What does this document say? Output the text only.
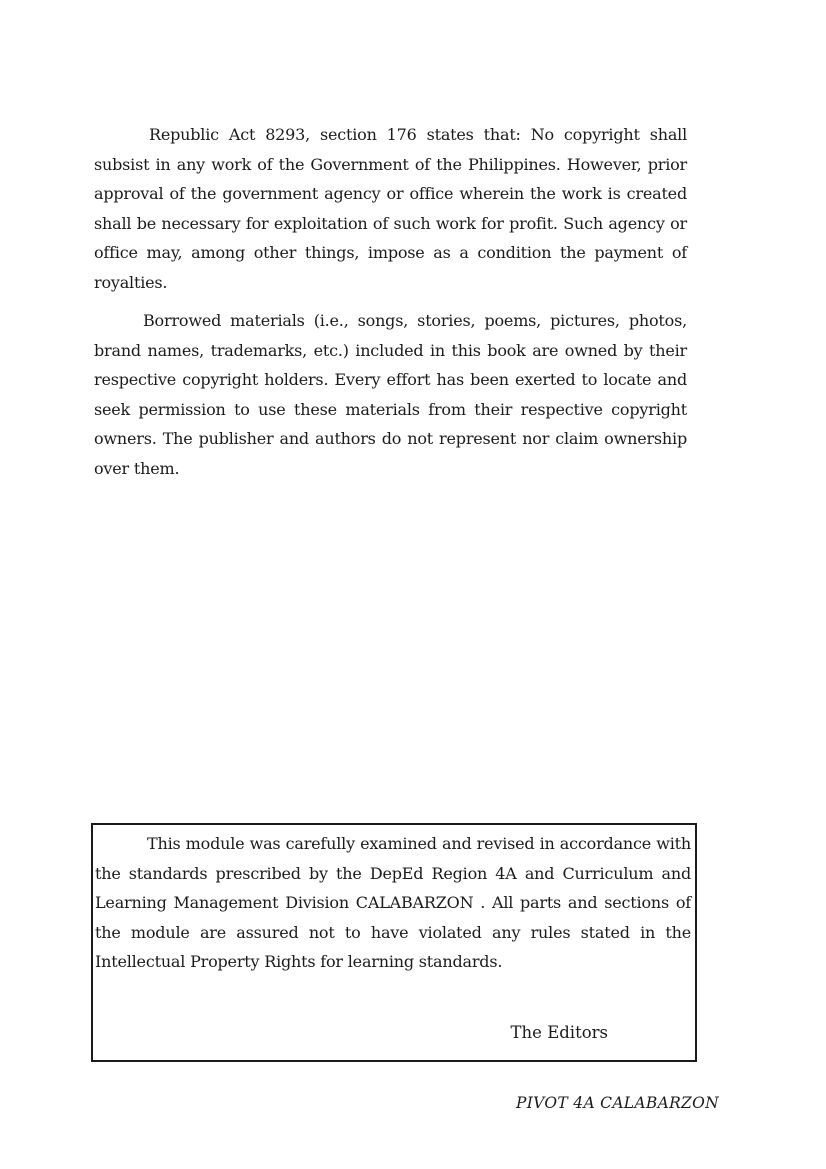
Republic Act 8293, section 176 states that: No copyright shall subsist in any work of the Government of the Philippines. However, prior approval of the government agency or office wherein the work is created shall be necessary for exploitation of such work for profit. Such agency or office may, among other things, impose as a condition the payment of royalties.

Borrowed materials (i.e., songs, stories, poems, pictures, photos, brand names, trademarks, etc.) included in this book are owned by their respective copyright holders. Every effort has been exerted to locate and seek permission to use these materials from their respective copyright owners. The publisher and authors do not represent nor claim ownership over them.

This module was carefully examined and revised in accordance with the standards prescribed by the DepEd Region 4A and Curriculum and Learning Management Division CALABARZON . All parts and sections of the module are assured not to have violated any rules stated in the Intellectual Property Rights for learning standards.

The Editors

PIVOT 4A CALABARZON
